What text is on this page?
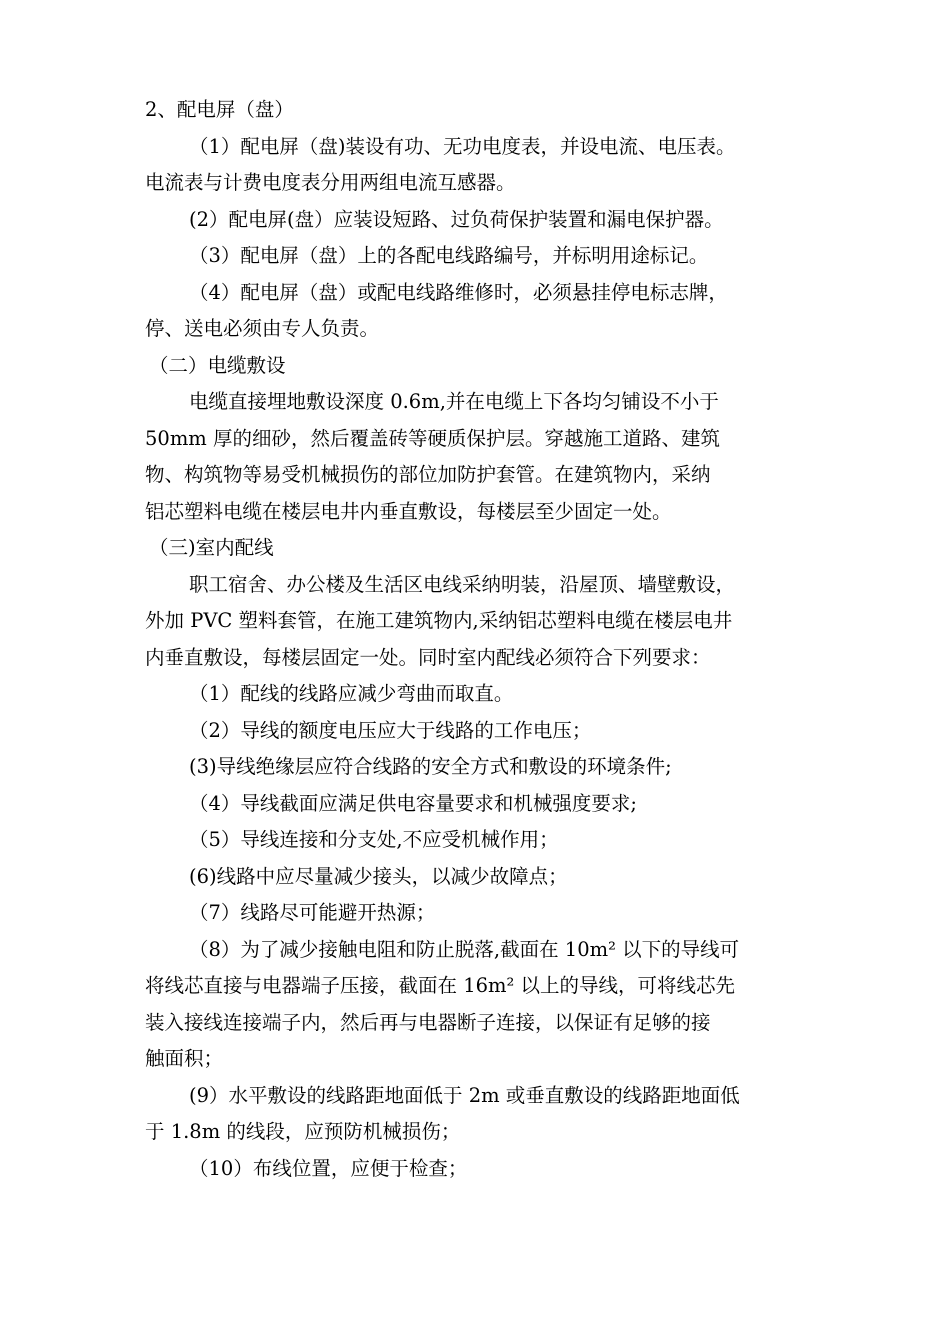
2、配电屏（盘）
（1）配电屏（盘)装设有功、无功电度表，并设电流、电压表。
电流表与计费电度表分用两组电流互感器。
(2）配电屏(盘）应装设短路、过负荷保护装置和漏电保护器。
（3）配电屏（盘）上的各配电线路编号，并标明用途标记。
（4）配电屏（盘）或配电线路维修时，必须悬挂停电标志牌，
停、送电必须由专人负责。
（二）电缆敷设
电缆直接埋地敷设深度 0.6m,并在电缆上下各均匀铺设不小于
50mm 厚的细砂，然后覆盖砖等硬质保护层。穿越施工道路、建筑
物、构筑物等易受机械损伤的部位加防护套管。在建筑物内，采纳
铝芯塑料电缆在楼层电井内垂直敷设，每楼层至少固定一处。
（三)室内配线
职工宿舍、办公楼及生活区电线采纳明装，沿屋顶、墙壁敷设，
外加 PVC 塑料套管，在施工建筑物内,采纳铝芯塑料电缆在楼层电井
内垂直敷设，每楼层固定一处。同时室内配线必须符合下列要求：
（1）配线的线路应减少弯曲而取直。
（2）导线的额度电压应大于线路的工作电压；
(3)导线绝缘层应符合线路的安全方式和敷设的环境条件;
（4）导线截面应满足供电容量要求和机械强度要求;
（5）导线连接和分支处,不应受机械作用；
(6)线路中应尽量减少接头，以减少故障点；
（7）线路尽可能避开热源；
（8）为了减少接触电阻和防止脱落,截面在 10m² 以下的导线可
将线芯直接与电器端子压接，截面在 16m² 以上的导线，可将线芯先
装入接线连接端子内，然后再与电器断子连接，以保证有足够的接
触面积；
(9）水平敷设的线路距地面低于 2m 或垂直敷设的线路距地面低
于 1.8m 的线段，应预防机械损伤；
（10）布线位置，应便于检查；
